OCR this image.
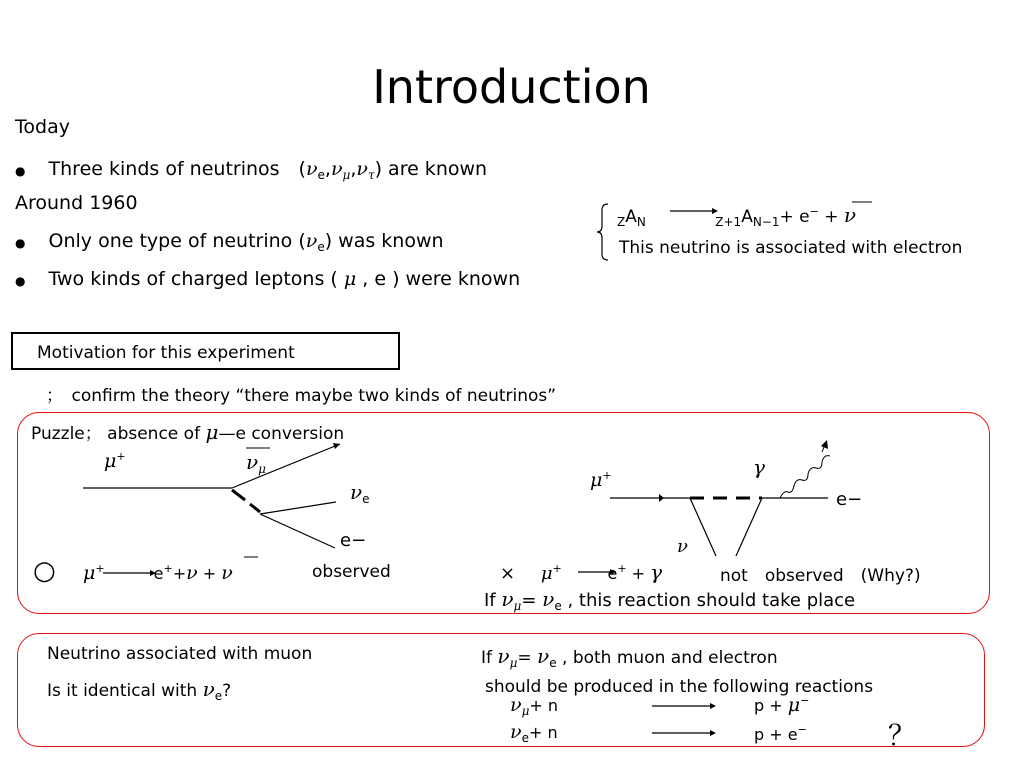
Introduction
Today
● Three kinds of neutrinos　$(\nu_e,\nu_\mu,\nu_\tau)$ are known
Around 1960
● Only one type of neutrino $(\nu_e)$ was known
● Two kinds of charged leptons ( μ , e ) were known
$_ZA_N$	$_{Z+1}A_{N-1}+ e^- + \nu$
This neutrino is associated with electron
Motivation for this experiment
；　confirm the theory “there maybe two kinds of neutrinos”
Puzzle； absence of μ—e conversion
μ+	$\nu_\mu$
$\nu_e$
e−
○ μ+	e++ν + ν	observed
μ+	γ
e−
ν
× μ+	e+ + γ	not　observed　(Why?)
If $\nu_\mu= \nu_e$ , this reaction should take place
Neutrino associated with muon
Is it identical with $\nu_e$?
If $\nu_\mu= \nu_e$ , both muon and electron
should be produced in the following reactions
$\nu_\mu+ n$	p + μ−
$\nu_e+ n$	p + e−	？
